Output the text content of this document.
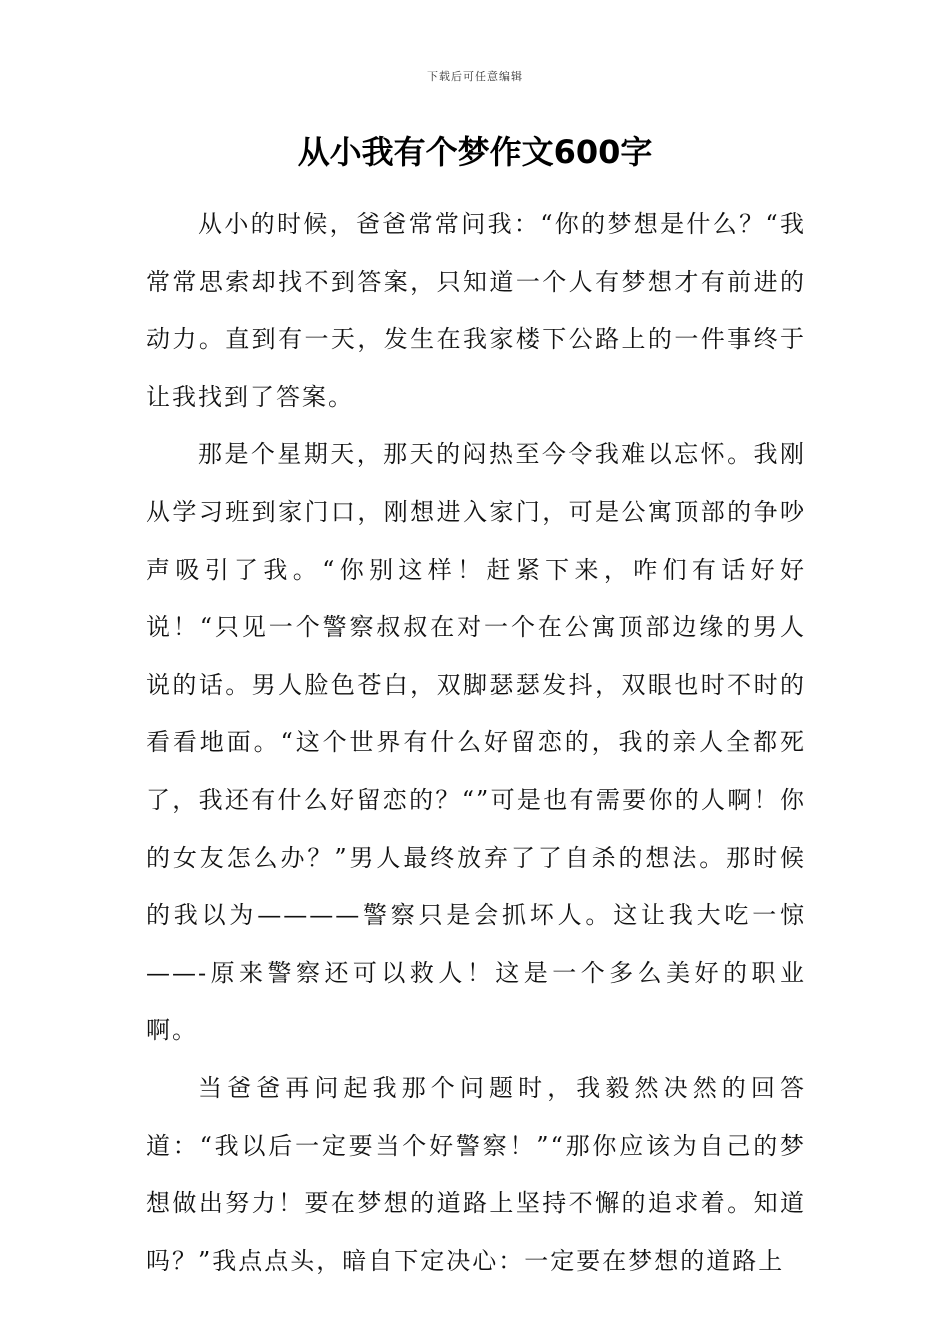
下载后可任意编辑
从小我有个梦作文600字

从小的时候，爸爸常常问我：“你的梦想是什么？“我常常思索却找不到答案，只知道一个人有梦想才有前进的动力。直到有一天，发生在我家楼下公路上的一件事终于让我找到了答案。

那是个星期天，那天的闷热至今令我难以忘怀。我刚从学习班到家门口，刚想进入家门，可是公寓顶部的争吵声吸引了我。“你别这样！赶紧下来，咋们有话好好说！“只见一个警察叔叔在对一个在公寓顶部边缘的男人说的话。男人脸色苍白，双脚瑟瑟发抖，双眼也时不时的看看地面。“这个世界有什么好留恋的，我的亲人全都死了，我还有什么好留恋的？“”可是也有需要你的人啊！你的女友怎么办？”男人最终放弃了了自杀的想法。那时候的我以为————警察只是会抓坏人。这让我大吃一惊——-原来警察还可以救人！这是一个多么美好的职业啊。

当爸爸再问起我那个问题时，我毅然决然的回答道：“我以后一定要当个好警察！”“那你应该为自己的梦想做出努力！要在梦想的道路上坚持不懈的追求着。知道吗？”我点点头，暗自下定决心：一定要在梦想的道路上
